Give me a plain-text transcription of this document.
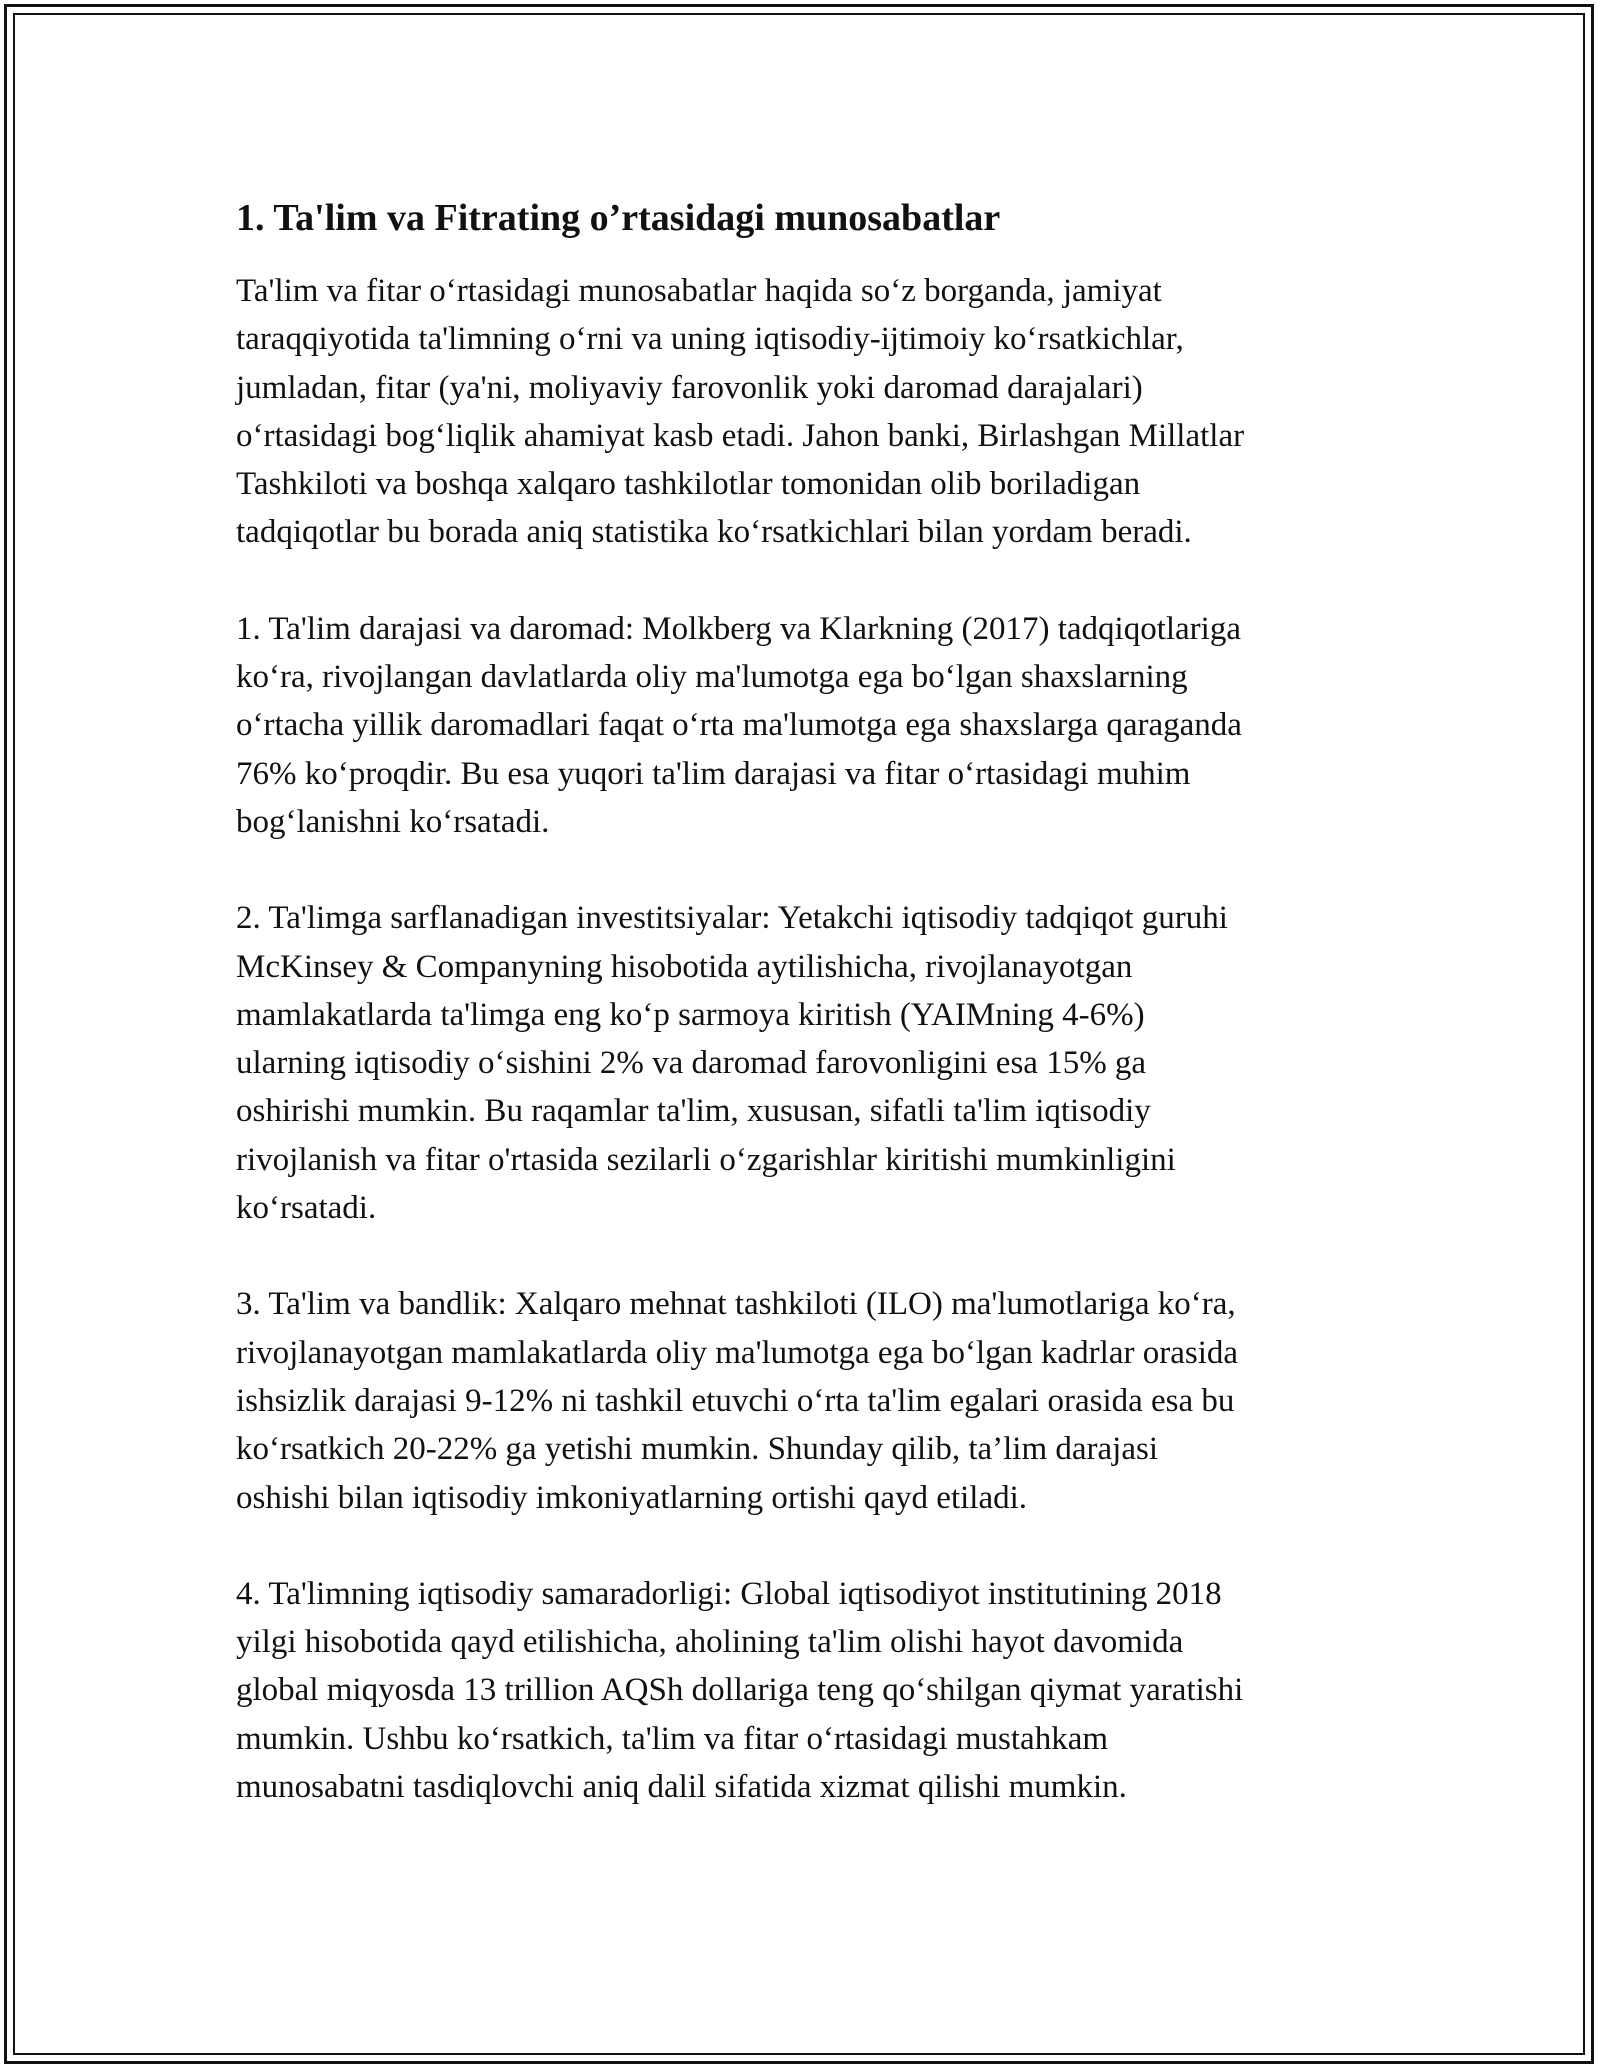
1. Ta'lim va Fitrating o’rtasidagi munosabatlar
Ta'lim va fitar o‘rtasidagi munosabatlar haqida so‘z borganda, jamiyat
taraqqiyotida ta'limning o‘rni va uning iqtisodiy-ijtimoiy ko‘rsatkichlar,
jumladan, fitar (ya'ni, moliyaviy farovonlik yoki daromad darajalari)
o‘rtasidagi bog‘liqlik ahamiyat kasb etadi. Jahon banki, Birlashgan Millatlar
Tashkiloti va boshqa xalqaro tashkilotlar tomonidan olib boriladigan
tadqiqotlar bu borada aniq statistika ko‘rsatkichlari bilan yordam beradi.
1. Ta'lim darajasi va daromad: Molkberg va Klarkning (2017) tadqiqotlariga
ko‘ra, rivojlangan davlatlarda oliy ma'lumotga ega bo‘lgan shaxslarning
o‘rtacha yillik daromadlari faqat o‘rta ma'lumotga ega shaxslarga qaraganda
76% ko‘proqdir. Bu esa yuqori ta'lim darajasi va fitar o‘rtasidagi muhim
bog‘lanishni ko‘rsatadi.
2. Ta'limga sarflanadigan investitsiyalar: Yetakchi iqtisodiy tadqiqot guruhi
McKinsey & Companyning hisobotida aytilishicha, rivojlanayotgan
mamlakatlarda ta'limga eng ko‘p sarmoya kiritish (YAIMning 4-6%)
ularning iqtisodiy o‘sishini 2% va daromad farovonligini esa 15% ga
oshirishi mumkin. Bu raqamlar ta'lim, xususan, sifatli ta'lim iqtisodiy
rivojlanish va fitar o'rtasida sezilarli o‘zgarishlar kiritishi mumkinligini
ko‘rsatadi.
3. Ta'lim va bandlik: Xalqaro mehnat tashkiloti (ILO) ma'lumotlariga ko‘ra,
rivojlanayotgan mamlakatlarda oliy ma'lumotga ega bo‘lgan kadrlar orasida
ishsizlik darajasi 9-12% ni tashkil etuvchi o‘rta ta'lim egalari orasida esa bu
ko‘rsatkich 20-22% ga yetishi mumkin. Shunday qilib, ta’lim darajasi
oshishi bilan iqtisodiy imkoniyatlarning ortishi qayd etiladi.
4. Ta'limning iqtisodiy samaradorligi: Global iqtisodiyot institutining 2018
yilgi hisobotida qayd etilishicha, aholining ta'lim olishi hayot davomida
global miqyosda 13 trillion AQSh dollariga teng qo‘shilgan qiymat yaratishi
mumkin. Ushbu ko‘rsatkich, ta'lim va fitar o‘rtasidagi mustahkam
munosabatni tasdiqlovchi aniq dalil sifatida xizmat qilishi mumkin.
